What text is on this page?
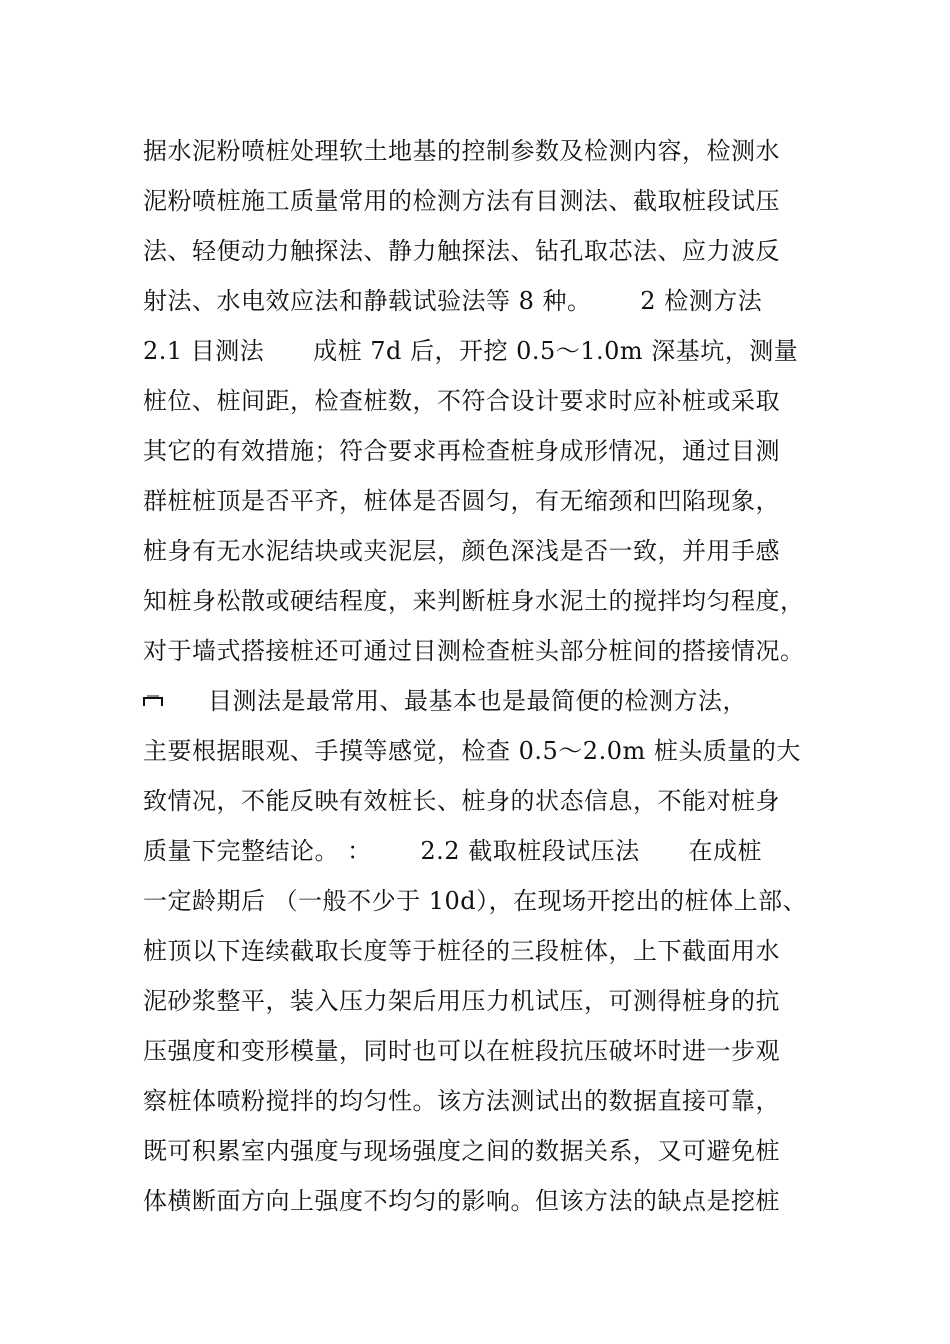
据水泥粉喷桩处理软土地基的控制参数及检测内容，检测水
泥粉喷桩施工质量常用的检测方法有目测法、截取桩段试压
法、轻便动力触探法、静力触探法、钻孔取芯法、应力波反
射法、水电效应法和静载试验法等 8 种。      2 检测方法
2.1 目测法      成桩 7d 后，开挖 0.5～1.0m 深基坑，测量
桩位、桩间距，检查桩数，不符合设计要求时应补桩或采取
其它的有效措施；符合要求再检查桩身成形情况，通过目测
群桩桩顶是否平齐，桩体是否圆匀，有无缩颈和凹陷现象，
桩身有无水泥结块或夹泥层，颜色深浅是否一致，并用手感
知桩身松散或硬结程度，来判断桩身水泥土的搅拌均匀程度，
对于墙式搭接桩还可通过目测检查桩头部分桩间的搭接情况。
目测法是最常用、最基本也是最简便的检测方法，
主要根据眼观、手摸等感觉，检查 0.5～2.0m 桩头质量的大
致情况，不能反映有效桩长、桩身的状态信息，不能对桩身
质量下完整结论。 ：      2.2 截取桩段试压法      在成桩
一定龄期后 （一般不少于 10d），在现场开挖出的桩体上部、
桩顶以下连续截取长度等于桩径的三段桩体，上下截面用水
泥砂浆整平，装入压力架后用压力机试压，可测得桩身的抗
压强度和变形模量，同时也可以在桩段抗压破坏时进一步观
察桩体喷粉搅拌的均匀性。该方法测试出的数据直接可靠，
既可积累室内强度与现场强度之间的数据关系，又可避免桩
体横断面方向上强度不均匀的影响。但该方法的缺点是挖桩
